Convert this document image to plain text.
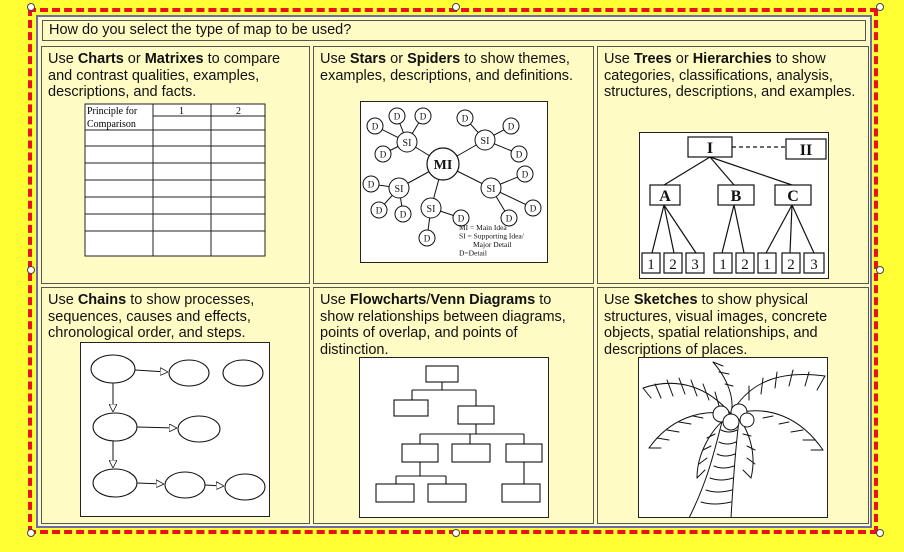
How do you select the type of map to be used?
Use Charts or Matrixes to compare and contrast qualities, examples, descriptions, and facts.
Principle for
Comparison
1	2
Use Stars or Spiders to show themes, examples, descriptions, and definitions.
MI
SI	SI
SI	SI
SI
D
D
D
D	D
D
D
D
D D
D
D
D
D
D
MI = Main Idea
SI = Supporting Idea/
Major Detail
D=Detail
Use Trees or Hierarchies to show categories, classifications, analysis, structures, descriptions, and examples.
I	II
A	B	C
1 2 3 1 2 1 2 3
Use Chains to show processes, sequences, causes and effects, chronological order, and steps.
Use Flowcharts/Venn Diagrams to show relationships between diagrams, points of overlap, and points of distinction.
Use Sketches to show physical structures, visual images, concrete objects, spatial relationships, and descriptions of places.
